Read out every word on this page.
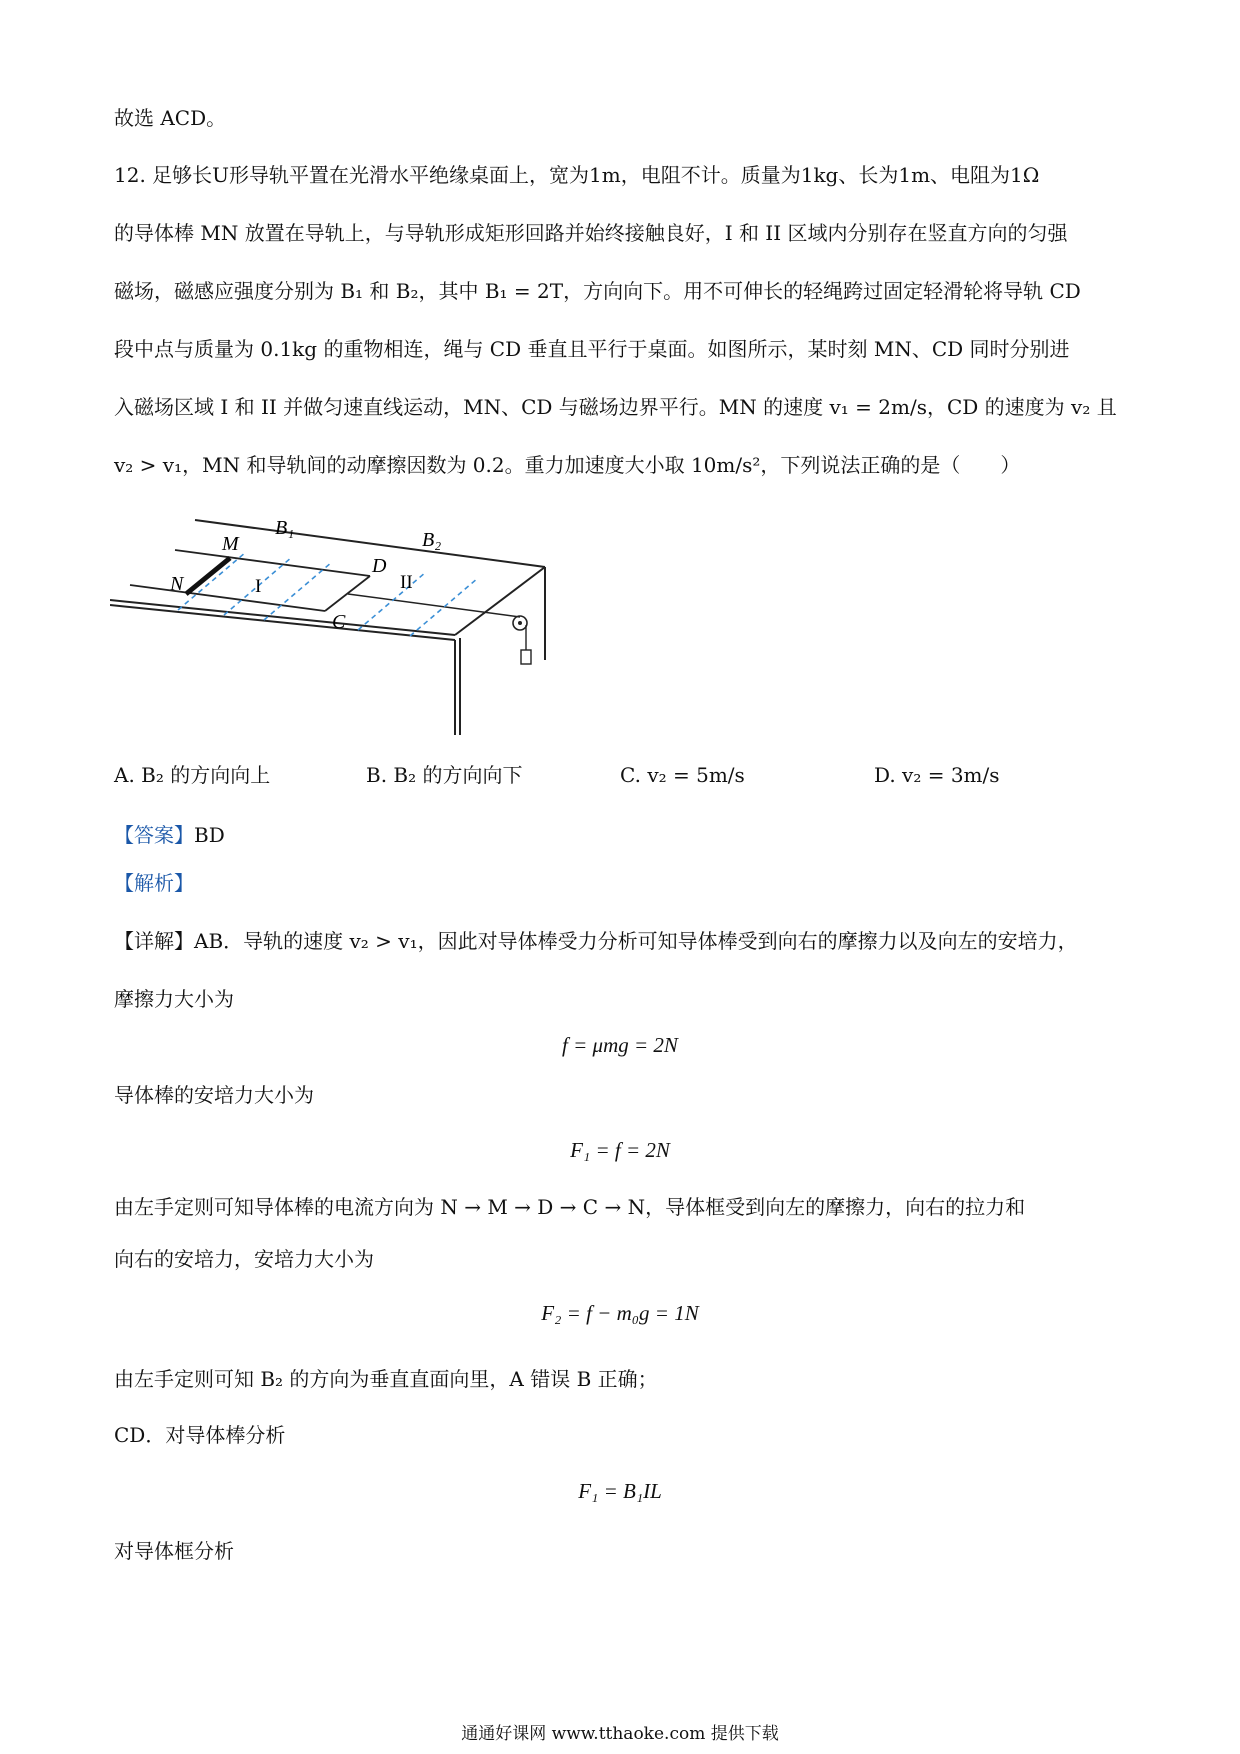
故选 ACD。
12. 足够长U形导轨平置在光滑水平绝缘桌面上，宽为1m，电阻不计。质量为1kg、长为1m、电阻为1Ω
的导体棒 MN 放置在导轨上，与导轨形成矩形回路并始终接触良好，I 和 II 区域内分别存在竖直方向的匀强
磁场，磁感应强度分别为 B₁ 和 B₂，其中 B₁ = 2T，方向向下。用不可伸长的轻绳跨过固定轻滑轮将导轨 CD
段中点与质量为 0.1kg 的重物相连，绳与 CD 垂直且平行于桌面。如图所示，某时刻 MN、CD 同时分别进
入磁场区域 I 和 II 并做匀速直线运动，MN、CD 与磁场边界平行。MN 的速度 v₁ = 2m/s，CD 的速度为 v₂ 且
v₂ > v₁，MN 和导轨间的动摩擦因数为 0.2。重力加速度大小取 10m/s²，下列说法正确的是（　　）
M
N
B₁
B₂
D
C
I	II
A. B₂ 的方向向上	B. B₂ 的方向向下	C. v₂ = 5m/s	D. v₂ = 3m/s
【答案】BD
【解析】
【详解】AB．导轨的速度 v₂ > v₁，因此对导体棒受力分析可知导体棒受到向右的摩擦力以及向左的安培力，
摩擦力大小为
f = μmg = 2N
导体棒的安培力大小为
F₁ = f = 2N
由左手定则可知导体棒的电流方向为 N → M → D → C → N，导体框受到向左的摩擦力，向右的拉力和
向右的安培力，安培力大小为
F₂ = f − m₀g = 1N
由左手定则可知 B₂ 的方向为垂直直面向里，A 错误 B 正确；
CD．对导体棒分析
F₁ = B₁IL
对导体框分析
通通好课网 www.tthaoke.com 提供下载
